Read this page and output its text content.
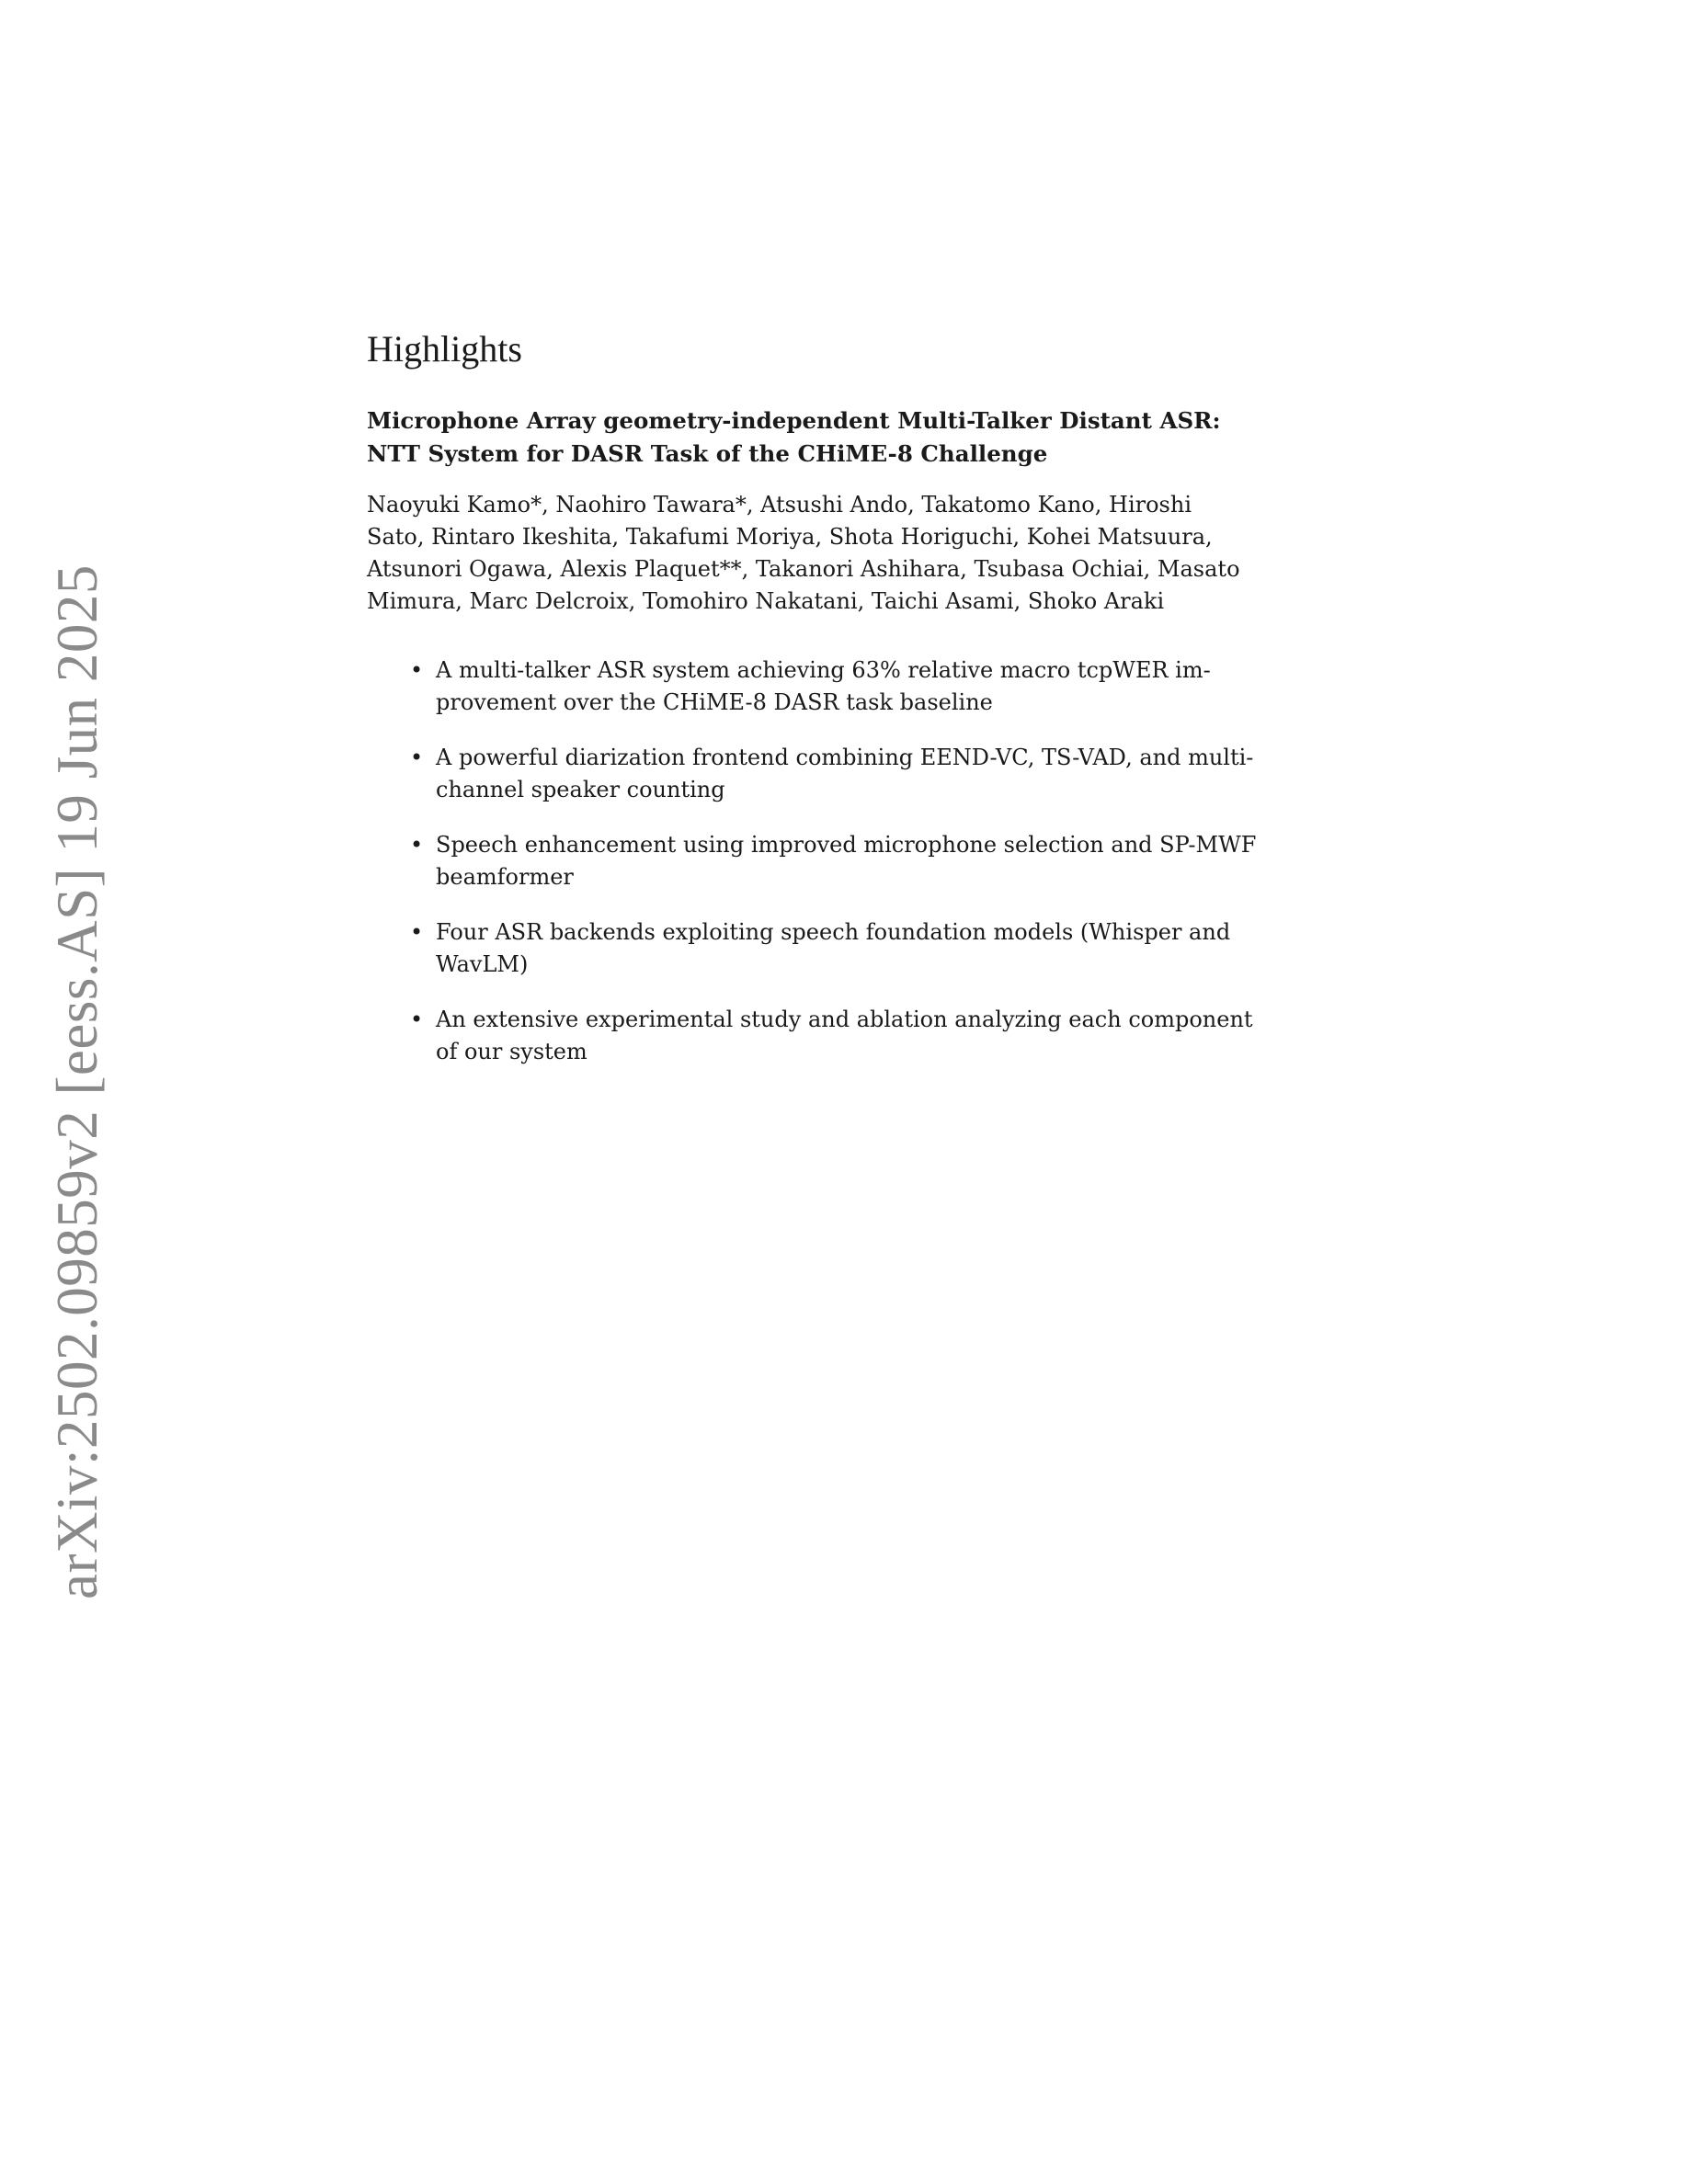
arXiv:2502.09859v2 [eess.AS] 19 Jun 2025
Highlights
Microphone Array geometry-independent Multi-Talker Distant ASR:
NTT System for DASR Task of the CHiME-8 Challenge
Naoyuki Kamo*, Naohiro Tawara*, Atsushi Ando, Takatomo Kano, Hiroshi
Sato, Rintaro Ikeshita, Takafumi Moriya, Shota Horiguchi, Kohei Matsuura,
Atsunori Ogawa, Alexis Plaquet**, Takanori Ashihara, Tsubasa Ochiai, Masato
Mimura, Marc Delcroix, Tomohiro Nakatani, Taichi Asami, Shoko Araki
• A multi-talker ASR system achieving 63% relative macro tcpWER im-
provement over the CHiME-8 DASR task baseline
• A powerful diarization frontend combining EEND-VC, TS-VAD, and multi-
channel speaker counting
• Speech enhancement using improved microphone selection and SP-MWF
beamformer
• Four ASR backends exploiting speech foundation models (Whisper and
WavLM)
• An extensive experimental study and ablation analyzing each component
of our system
